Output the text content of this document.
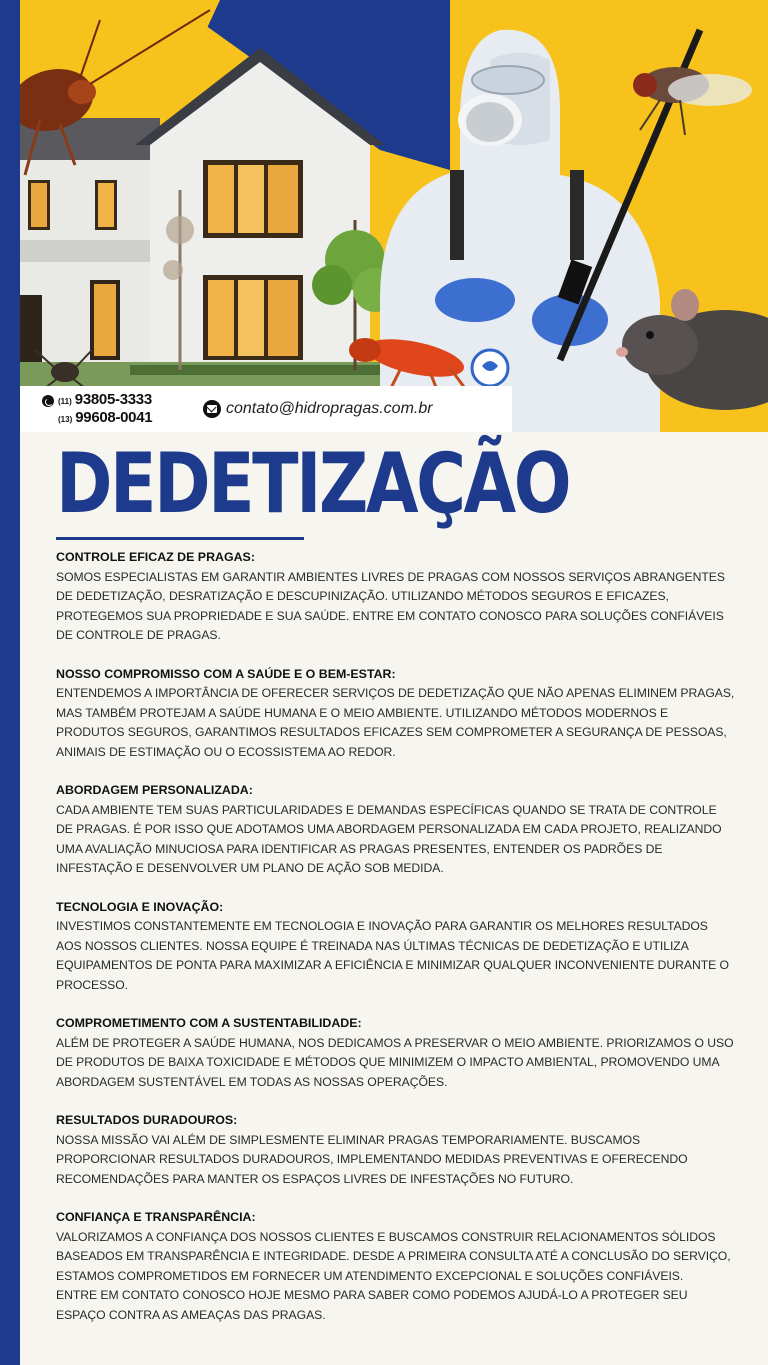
(11) 93805-3333
(13) 99608-0041
contato@hidropragas.com.br
DEDETIZAÇÃO
CONTROLE EFICAZ DE PRAGAS:

SOMOS ESPECIALISTAS EM GARANTIR AMBIENTES LIVRES DE PRAGAS COM NOSSOS SERVIÇOS ABRANGENTES DE DEDETIZAÇÃO, DESRATIZAÇÃO E DESCUPINIZAÇÃO. UTILIZANDO MÉTODOS SEGUROS E EFICAZES, PROTEGEMOS SUA PROPRIEDADE E SUA SAÚDE. ENTRE EM CONTATO CONOSCO PARA SOLUÇÕES CONFIÁVEIS DE CONTROLE DE PRAGAS.

NOSSO COMPROMISSO COM A SAÚDE E O BEM-ESTAR:

ENTENDEMOS A IMPORTÂNCIA DE OFERECER SERVIÇOS DE DEDETIZAÇÃO QUE NÃO APENAS ELIMINEM PRAGAS, MAS TAMBÉM PROTEJAM A SAÚDE HUMANA E O MEIO AMBIENTE. UTILIZANDO MÉTODOS MODERNOS E PRODUTOS SEGUROS, GARANTIMOS RESULTADOS EFICAZES SEM COMPROMETER A SEGURANÇA DE PESSOAS, ANIMAIS DE ESTIMAÇÃO OU O ECOSSISTEMA AO REDOR.

ABORDAGEM PERSONALIZADA:

CADA AMBIENTE TEM SUAS PARTICULARIDADES E DEMANDAS ESPECÍFICAS QUANDO SE TRATA DE CONTROLE DE PRAGAS. É POR ISSO QUE ADOTAMOS UMA ABORDAGEM PERSONALIZADA EM CADA PROJETO, REALIZANDO UMA AVALIAÇÃO MINUCIOSA PARA IDENTIFICAR AS PRAGAS PRESENTES, ENTENDER OS PADRÕES DE INFESTAÇÃO E DESENVOLVER UM PLANO DE AÇÃO SOB MEDIDA.

TECNOLOGIA E INOVAÇÃO:

INVESTIMOS CONSTANTEMENTE EM TECNOLOGIA E INOVAÇÃO PARA GARANTIR OS MELHORES RESULTADOS AOS NOSSOS CLIENTES. NOSSA EQUIPE É TREINADA NAS ÚLTIMAS TÉCNICAS DE DEDETIZAÇÃO E UTILIZA EQUIPAMENTOS DE PONTA PARA MAXIMIZAR A EFICIÊNCIA E MINIMIZAR QUALQUER INCONVENIENTE DURANTE O PROCESSO.

COMPROMETIMENTO COM A SUSTENTABILIDADE:

ALÉM DE PROTEGER A SAÚDE HUMANA, NOS DEDICAMOS A PRESERVAR O MEIO AMBIENTE. PRIORIZAMOS O USO DE PRODUTOS DE BAIXA TOXICIDADE E MÉTODOS QUE MINIMIZEM O IMPACTO AMBIENTAL, PROMOVENDO UMA ABORDAGEM SUSTENTÁVEL EM TODAS AS NOSSAS OPERAÇÕES.

RESULTADOS DURADOUROS:

NOSSA MISSÃO VAI ALÉM DE SIMPLESMENTE ELIMINAR PRAGAS TEMPORARIAMENTE. BUSCAMOS PROPORCIONAR RESULTADOS DURADOUROS, IMPLEMENTANDO MEDIDAS PREVENTIVAS E OFERECENDO RECOMENDAÇÕES PARA MANTER OS ESPAÇOS LIVRES DE INFESTAÇÕES NO FUTURO.

CONFIANÇA E TRANSPARÊNCIA:

VALORIZAMOS A CONFIANÇA DOS NOSSOS CLIENTES E BUSCAMOS CONSTRUIR RELACIONAMENTOS SÓLIDOS BASEADOS EM TRANSPARÊNCIA E INTEGRIDADE. DESDE A PRIMEIRA CONSULTA ATÉ A CONCLUSÃO DO SERVIÇO, ESTAMOS COMPROMETIDOS EM FORNECER UM ATENDIMENTO EXCEPCIONAL E SOLUÇÕES CONFIÁVEIS.

ENTRE EM CONTATO CONOSCO HOJE MESMO PARA SABER COMO PODEMOS AJUDÁ-LO A PROTEGER SEU ESPAÇO CONTRA AS AMEAÇAS DAS PRAGAS.
